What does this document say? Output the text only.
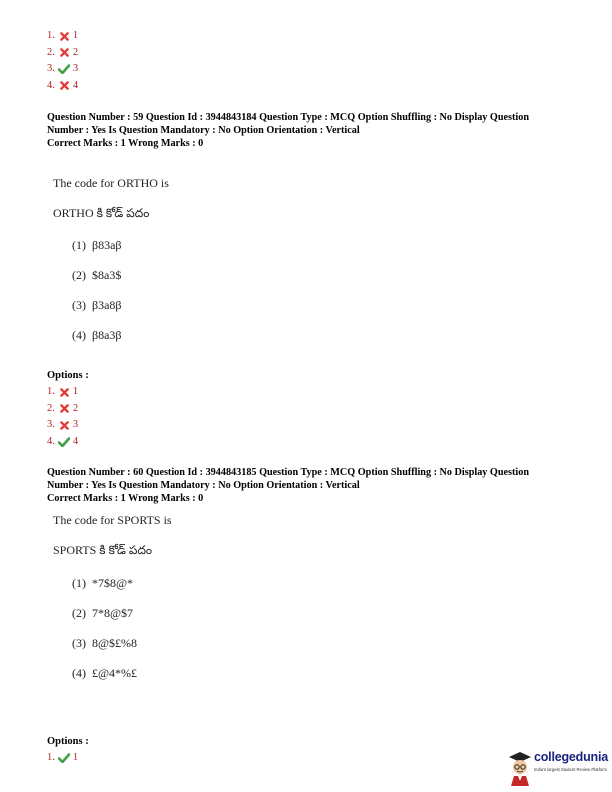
1. 1
2. 2
3. 3
4. 4

Question Number : 59 Question Id : 3944843184 Question Type : MCQ Option Shuffling : No Display Question

Number : Yes Is Question Mandatory : No Option Orientation : Vertical

Correct Marks : 1 Wrong Marks : 0

The code for ORTHO is
ORTHO కి కోడ్ పదం
(1) β83aβ
(2) $8a3$
(3) β3a8β
(4) β8a3β
Options :
1. 1
2. 2
3. 3
4. 4

Question Number : 60 Question Id : 3944843185 Question Type : MCQ Option Shuffling : No Display Question

Number : Yes Is Question Mandatory : No Option Orientation : Vertical

Correct Marks : 1 Wrong Marks : 0

The code for SPORTS is
SPORTS కి కోడ్ పదం
(1) *7$8@*
(2) 7*8@$7
(3) 8@$£%8
(4) £@4*%£
Options :
1. 1	collegedunia
India's largest Student Review Platform
